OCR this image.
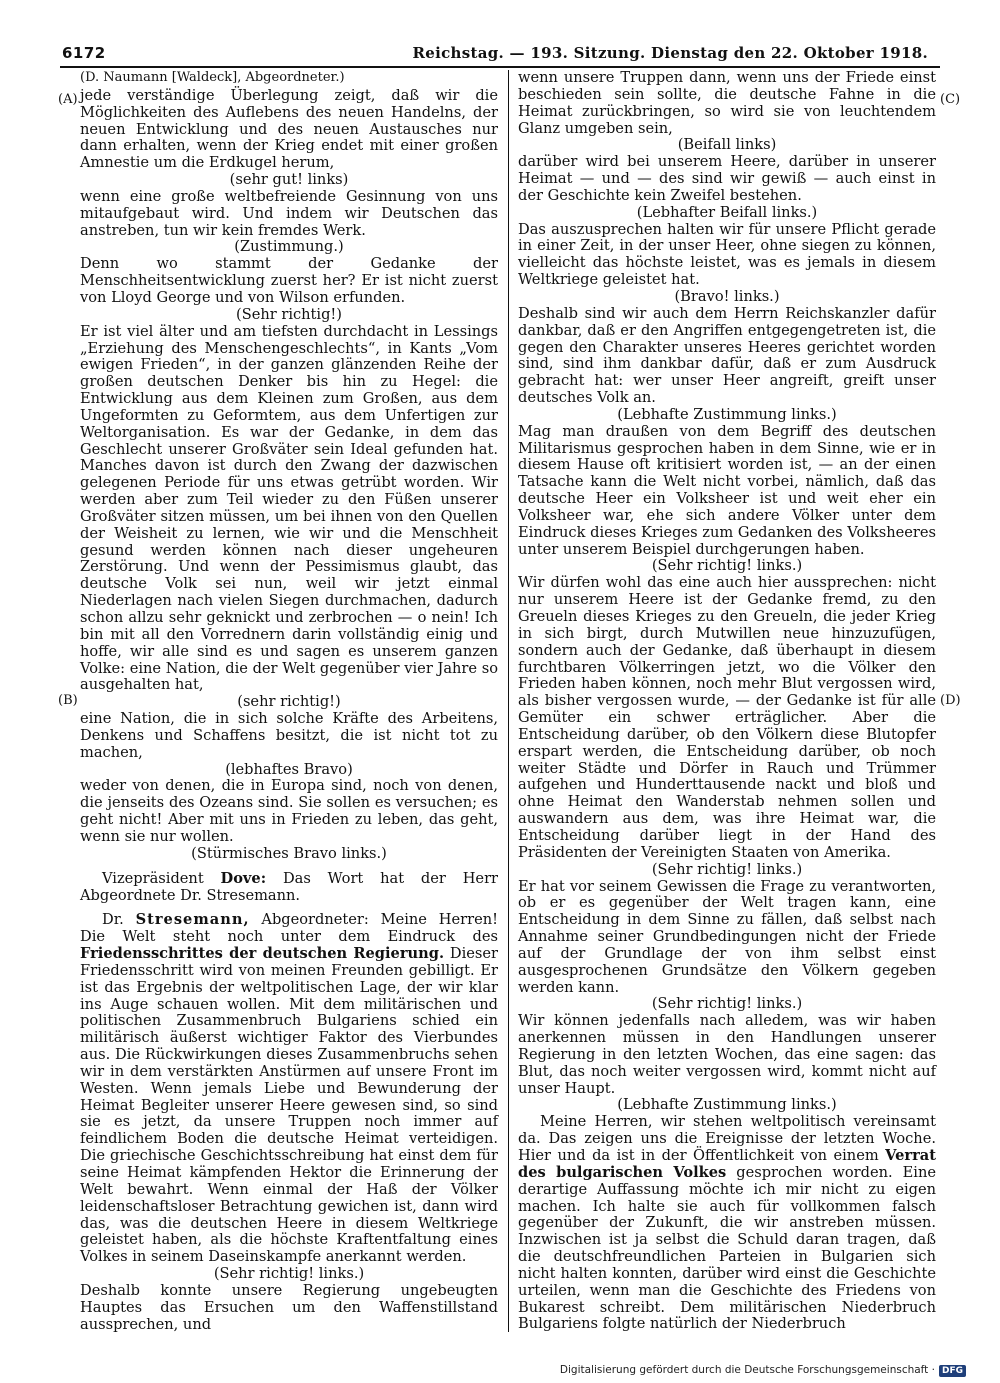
6172	Reichstag. — 193. Sitzung. Dienstag den 22. Oktober 1918.
(A)
(B)
(C)
(D)

(D. Naumann [Waldeck], Abgeordneter.)

jede verständige Überlegung zeigt, daß wir die Möglichkeiten des Auflebens des neuen Handelns, der neuen Entwicklung und des neuen Austausches nur dann erhalten, wenn der Krieg endet mit einer großen Amnestie um die Erdkugel herum,

(sehr gut! links)

wenn eine große weltbefreiende Gesinnung von uns mitaufgebaut wird. Und indem wir Deutschen das anstreben, tun wir kein fremdes Werk.

(Zustimmung.)

Denn wo stammt der Gedanke der Menschheitsentwicklung zuerst her? Er ist nicht zuerst von Lloyd George und von Wilson erfunden.

(Sehr richtig!)

Er ist viel älter und am tiefsten durchdacht in Lessings „Erziehung des Menschengeschlechts“, in Kants „Vom ewigen Frieden“, in der ganzen glänzenden Reihe der großen deutschen Denker bis hin zu Hegel: die Entwicklung aus dem Kleinen zum Großen, aus dem Ungeformten zu Geformtem, aus dem Unfertigen zur Weltorganisation. Es war der Gedanke, in dem das Geschlecht unserer Großväter sein Ideal gefunden hat. Manches davon ist durch den Zwang der dazwischen gelegenen Periode für uns etwas getrübt worden. Wir werden aber zum Teil wieder zu den Füßen unserer Großväter sitzen müssen, um bei ihnen von den Quellen der Weisheit zu lernen, wie wir und die Menschheit gesund werden können nach dieser ungeheuren Zerstörung. Und wenn der Pessimismus glaubt, das deutsche Volk sei nun, weil wir jetzt einmal Niederlagen nach vielen Siegen durchmachen, dadurch schon allzu sehr geknickt und zerbrochen — o nein! Ich bin mit all den Vorrednern darin vollständig einig und hoffe, wir alle sind es und sagen es unserem ganzen Volke: eine Nation, die der Welt gegenüber vier Jahre so ausgehalten hat,

(sehr richtig!)

eine Nation, die in sich solche Kräfte des Arbeitens, Denkens und Schaffens besitzt, die ist nicht tot zu machen,

(lebhaftes Bravo)

weder von denen, die in Europa sind, noch von denen, die jenseits des Ozeans sind. Sie sollen es versuchen; es geht nicht! Aber mit uns in Frieden zu leben, das geht, wenn sie nur wollen.

(Stürmisches Bravo links.)

Vizepräsident Dove: Das Wort hat der Herr Abgeordnete Dr. Stresemann.

Dr. Stresemann, Abgeordneter: Meine Herren! Die Welt steht noch unter dem Eindruck des Friedensschrittes der deutschen Regierung. Dieser Friedensschritt wird von meinen Freunden gebilligt. Er ist das Ergebnis der weltpolitischen Lage, der wir klar ins Auge schauen wollen. Mit dem militärischen und politischen Zusammenbruch Bulgariens schied ein militärisch äußerst wichtiger Faktor des Vierbundes aus. Die Rückwirkungen dieses Zusammenbruchs sehen wir in dem verstärkten Anstürmen auf unsere Front im Westen. Wenn jemals Liebe und Bewunderung der Heimat Begleiter unserer Heere gewesen sind, so sind sie es jetzt, da unsere Truppen noch immer auf feindlichem Boden die deutsche Heimat verteidigen. Die griechische Geschichtsschreibung hat einst dem für seine Heimat kämpfenden Hektor die Erinnerung der Welt bewahrt. Wenn einmal der Haß der Völker leidenschaftsloser Betrachtung gewichen ist, dann wird das, was die deutschen Heere in diesem Weltkriege geleistet haben, als die höchste Kraftentfaltung eines Volkes in seinem Daseinskampfe anerkannt werden.

(Sehr richtig! links.)

Deshalb konnte unsere Regierung ungebeugten Hauptes das Ersuchen um den Waffenstillstand aussprechen, und

wenn unsere Truppen dann, wenn uns der Friede einst beschieden sein sollte, die deutsche Fahne in die Heimat zurückbringen, so wird sie von leuchtendem Glanz umgeben sein,

(Beifall links)

darüber wird bei unserem Heere, darüber in unserer Heimat — und — des sind wir gewiß — auch einst in der Geschichte kein Zweifel bestehen.

(Lebhafter Beifall links.)

Das auszusprechen halten wir für unsere Pflicht gerade in einer Zeit, in der unser Heer, ohne siegen zu können, vielleicht das höchste leistet, was es jemals in diesem Weltkriege geleistet hat.

(Bravo! links.)

Deshalb sind wir auch dem Herrn Reichskanzler dafür dankbar, daß er den Angriffen entgegengetreten ist, die gegen den Charakter unseres Heeres gerichtet worden sind, sind ihm dankbar dafür, daß er zum Ausdruck gebracht hat: wer unser Heer angreift, greift unser deutsches Volk an.

(Lebhafte Zustimmung links.)

Mag man draußen von dem Begriff des deutschen Militarismus gesprochen haben in dem Sinne, wie er in diesem Hause oft kritisiert worden ist, — an der einen Tatsache kann die Welt nicht vorbei, nämlich, daß das deutsche Heer ein Volksheer ist und weit eher ein Volksheer war, ehe sich andere Völker unter dem Eindruck dieses Krieges zum Gedanken des Volksheeres unter unserem Beispiel durchgerungen haben.

(Sehr richtig! links.)

Wir dürfen wohl das eine auch hier aussprechen: nicht nur unserem Heere ist der Gedanke fremd, zu den Greueln dieses Krieges zu den Greueln, die jeder Krieg in sich birgt, durch Mutwillen neue hinzuzufügen, sondern auch der Gedanke, daß überhaupt in diesem furchtbaren Völkerringen jetzt, wo die Völker den Frieden haben können, noch mehr Blut vergossen wird, als bisher vergossen wurde, — der Gedanke ist für alle Gemüter ein schwer erträglicher. Aber die Entscheidung darüber, ob den Völkern diese Blutopfer erspart werden, die Entscheidung darüber, ob noch weiter Städte und Dörfer in Rauch und Trümmer aufgehen und Hunderttausende nackt und bloß und ohne Heimat den Wanderstab nehmen sollen und auswandern aus dem, was ihre Heimat war, die Entscheidung darüber liegt in der Hand des Präsidenten der Vereinigten Staaten von Amerika.

(Sehr richtig! links.)

Er hat vor seinem Gewissen die Frage zu verantworten, ob er es gegenüber der Welt tragen kann, eine Entscheidung in dem Sinne zu fällen, daß selbst nach Annahme seiner Grundbedingungen nicht der Friede auf der Grundlage der von ihm selbst einst ausgesprochenen Grundsätze den Völkern gegeben werden kann.

(Sehr richtig! links.)

Wir können jedenfalls nach alledem, was wir haben anerkennen müssen in den Handlungen unserer Regierung in den letzten Wochen, das eine sagen: das Blut, das noch weiter vergossen wird, kommt nicht auf unser Haupt.

(Lebhafte Zustimmung links.)

Meine Herren, wir stehen weltpolitisch vereinsamt da. Das zeigen uns die Ereignisse der letzten Woche. Hier und da ist in der Öffentlichkeit von einem Verrat des bulgarischen Volkes gesprochen worden. Eine derartige Auffassung möchte ich mir nicht zu eigen machen. Ich halte sie auch für vollkommen falsch gegenüber der Zukunft, die wir anstreben müssen. Inzwischen ist ja selbst die Schuld daran tragen, daß die deutschfreundlichen Parteien in Bulgarien sich nicht halten konnten, darüber wird einst die Geschichte urteilen, wenn man die Geschichte des Friedens von Bukarest schreibt. Dem militärischen Niederbruch Bulgariens folgte natürlich der Niederbruch

Digitalisierung gefördert durch die Deutsche Forschungsgemeinschaft · DFG
